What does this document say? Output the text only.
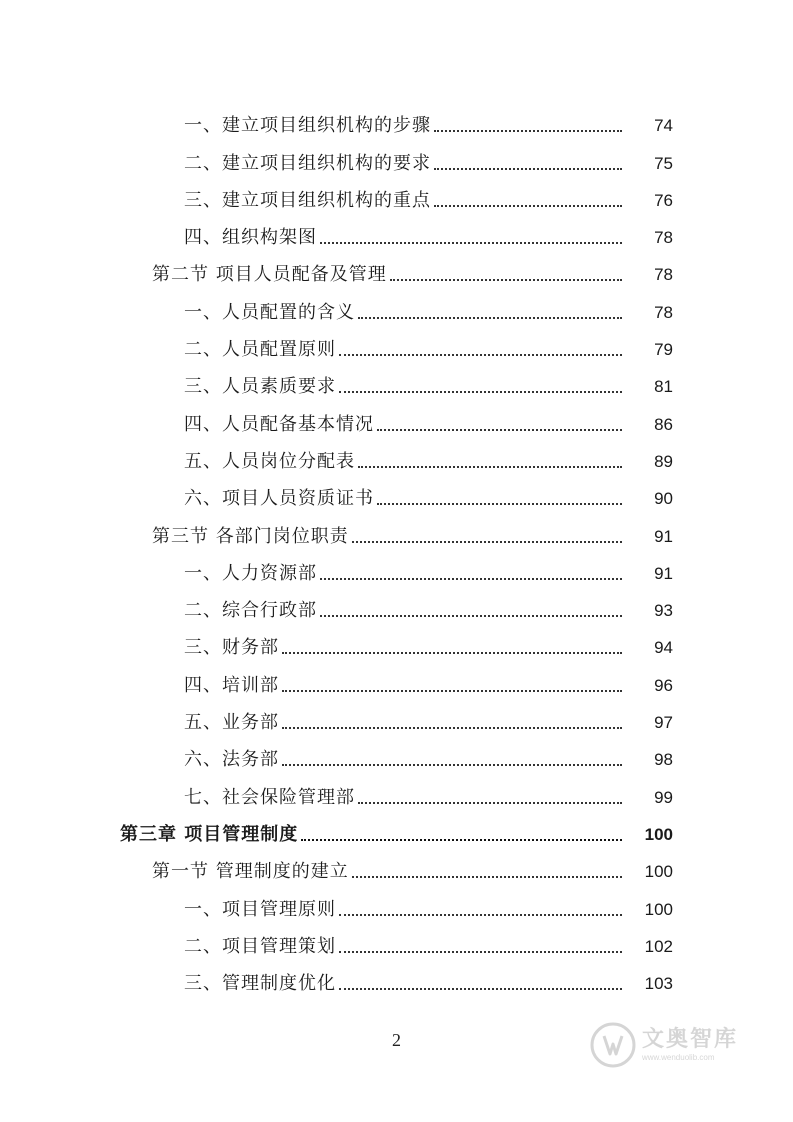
一、建立项目组织机构的步骤	74
二、建立项目组织机构的要求	75
三、建立项目组织机构的重点	76
四、组织构架图	78
第二节 项目人员配备及管理	78
一、人员配置的含义	78
二、人员配置原则	79
三、人员素质要求	81
四、人员配备基本情况	86
五、人员岗位分配表	89
六、项目人员资质证书	90
第三节 各部门岗位职责	91
一、人力资源部	91
二、综合行政部	93
三、财务部	94
四、培训部	96
五、业务部	97
六、法务部	98
七、社会保险管理部	99
第三章 项目管理制度	100
第一节 管理制度的建立	100
一、项目管理原则	100
二、项目管理策划	102
三、管理制度优化	103
2	文奥智库
www.wenduolib.com
